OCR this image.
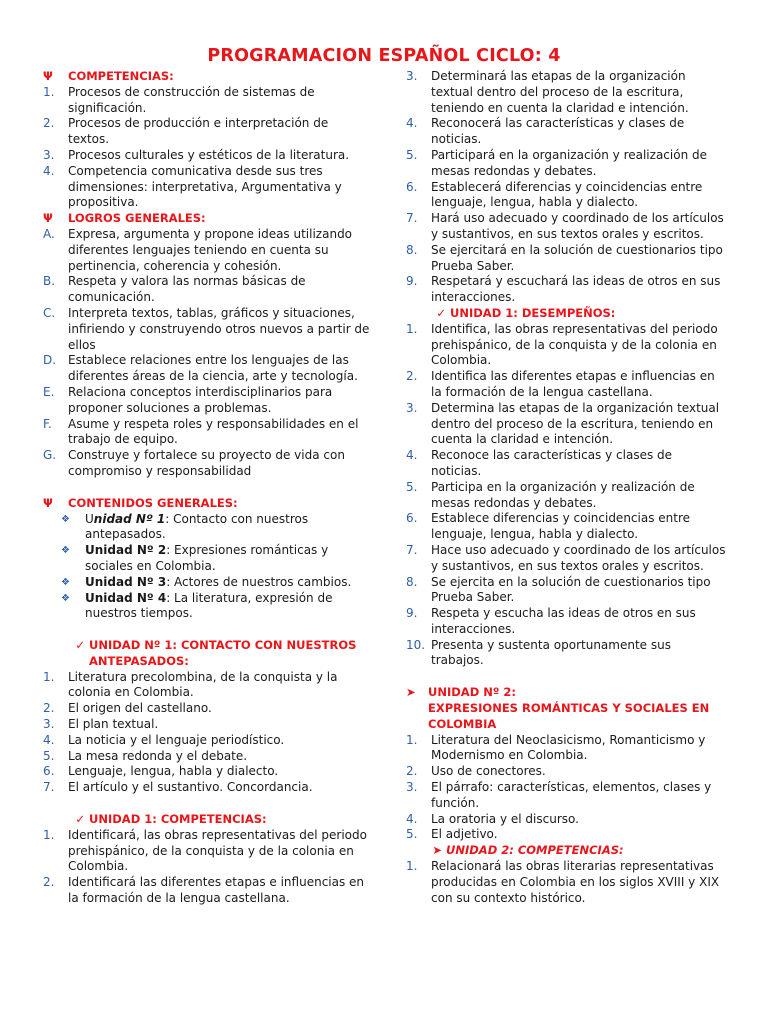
PROGRAMACION ESPAÑOL CICLO: 4
Ψ	COMPETENCIAS:
1.	Procesos de construcción de sistemas de significación.
2.	Procesos de producción e interpretación de textos.
3.	Procesos culturales y estéticos de la literatura.
4.	Competencia comunicativa desde sus tres dimensiones: interpretativa, Argumentativa y propositiva.
Ψ	LOGROS GENERALES:
A.	Expresa, argumenta y propone ideas utilizando diferentes lenguajes teniendo en cuenta su pertinencia, coherencia y cohesión.
B.	Respeta y valora las normas básicas de comunicación.
C.	Interpreta textos, tablas, gráficos y situaciones, infiriendo y construyendo otros nuevos a partir de ellos
D. Establece relaciones entre los lenguajes de las diferentes áreas de la ciencia, arte y tecnología.
E.	Relaciona conceptos interdisciplinarios para proponer soluciones a problemas.
F.	Asume y respeta roles y responsabilidades en el trabajo de equipo.
G. Construye y fortalece su proyecto de vida con compromiso y responsabilidad
Ψ	CONTENIDOS GENERALES:
❖	Unidad Nº 1: Contacto con nuestros antepasados.
❖	Unidad Nº 2: Expresiones románticas y sociales en Colombia.
❖	Unidad Nº 3: Actores de nuestros cambios.
❖	Unidad Nº 4: La literatura, expresión de nuestros tiempos.
✓ UNIDAD Nº 1: CONTACTO CON NUESTROS ANTEPASADOS:
1.	Literatura precolombina, de la conquista y la colonia en Colombia.
2.	El origen del castellano.
3.	El plan textual.
4.	La noticia y el lenguaje periodístico.
5.	La mesa redonda y el debate.
6.	Lenguaje, lengua, habla y dialecto.
7.	El artículo y el sustantivo. Concordancia.
✓ UNIDAD 1: COMPETENCIAS:
1.	Identificará, las obras representativas del periodo prehispánico, de la conquista y de la colonia en Colombia.
2.	Identificará las diferentes etapas e influencias en la formación de la lengua castellana.
3.	Determinará las etapas de la organización textual dentro del proceso de la escritura, teniendo en cuenta la claridad e intención.
4.	Reconocerá las características y clases de noticias.
5.	Participará en la organización y realización de mesas redondas y debates.
6.	Establecerá diferencias y coincidencias entre lenguaje, lengua, habla y dialecto.
7.	Hará uso adecuado y coordinado de los artículos y sustantivos, en sus textos orales y escritos.
8.	Se ejercitará en la solución de cuestionarios tipo Prueba Saber.
9.	Respetará y escuchará las ideas de otros en sus interacciones.
✓ UNIDAD 1: DESEMPEÑOS:
1.	Identifica, las obras representativas del periodo prehispánico, de la conquista y de la colonia en Colombia.
2.	Identifica las diferentes etapas e influencias en la formación de la lengua castellana.
3.	Determina las etapas de la organización textual dentro del proceso de la escritura, teniendo en cuenta la claridad e intención.
4.	Reconoce las características y clases de noticias.
5.	Participa en la organización y realización de mesas redondas y debates.
6.	Establece diferencias y coincidencias entre lenguaje, lengua, habla y dialecto.
7.	Hace uso adecuado y coordinado de los artículos y sustantivos, en sus textos orales y escritos.
8.	Se ejercita en la solución de cuestionarios tipo Prueba Saber.
9.	Respeta y escucha las ideas de otros en sus interacciones.
10. Presenta y sustenta oportunamente sus trabajos.
➤	UNIDAD Nº 2:
EXPRESIONES ROMÁNTICAS Y SOCIALES EN COLOMBIA
1.	Literatura del Neoclasicismo, Romanticismo y Modernismo en Colombia.
2.	Uso de conectores.
3.	El párrafo: características, elementos, clases y función.
4.	La oratoria y el discurso.
5.	El adjetivo.
➤ UNIDAD 2: COMPETENCIAS:
1.	Relacionará las obras literarias representativas producidas en Colombia en los siglos XVIII y XIX con su contexto histórico.
